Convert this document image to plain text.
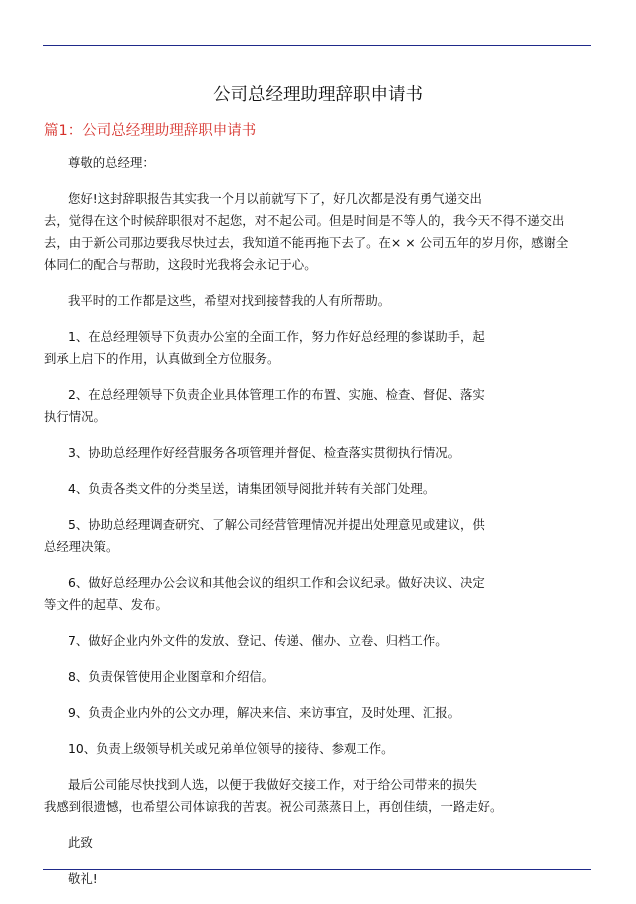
公司总经理助理辞职申请书
篇1：公司总经理助理辞职申请书
尊敬的总经理：
您好!这封辞职报告其实我一个月以前就写下了，好几次都是没有勇气递交出
去，觉得在这个时候辞职很对不起您，对不起公司。但是时间是不等人的，我今天不得不递交出
去，由于新公司那边要我尽快过去，我知道不能再拖下去了。在× × 公司五年的岁月你，感谢全
体同仁的配合与帮助，这段时光我将会永记于心。
我平时的工作都是这些，希望对找到接替我的人有所帮助。
1、在总经理领导下负责办公室的全面工作，努力作好总经理的参谋助手，起
到承上启下的作用，认真做到全方位服务。
2、在总经理领导下负责企业具体管理工作的布置、实施、检查、督促、落实
执行情况。
3、协助总经理作好经营服务各项管理并督促、检查落实贯彻执行情况。
4、负责各类文件的分类呈送，请集团领导阅批并转有关部门处理。
5、协助总经理调查研究、了解公司经营管理情况并提出处理意见或建议，供
总经理决策。
6、做好总经理办公会议和其他会议的组织工作和会议纪录。做好决议、决定
等文件的起草、发布。
7、做好企业内外文件的发放、登记、传递、催办、立卷、归档工作。
8、负责保管使用企业图章和介绍信。
9、负责企业内外的公文办理，解决来信、来访事宜，及时处理、汇报。
10、负责上级领导机关或兄弟单位领导的接待、参观工作。
最后公司能尽快找到人选，以便于我做好交接工作，对于给公司带来的损失
我感到很遗憾，也希望公司体谅我的苦衷。祝公司蒸蒸日上，再创佳绩，一路走好。
此致
敬礼!
